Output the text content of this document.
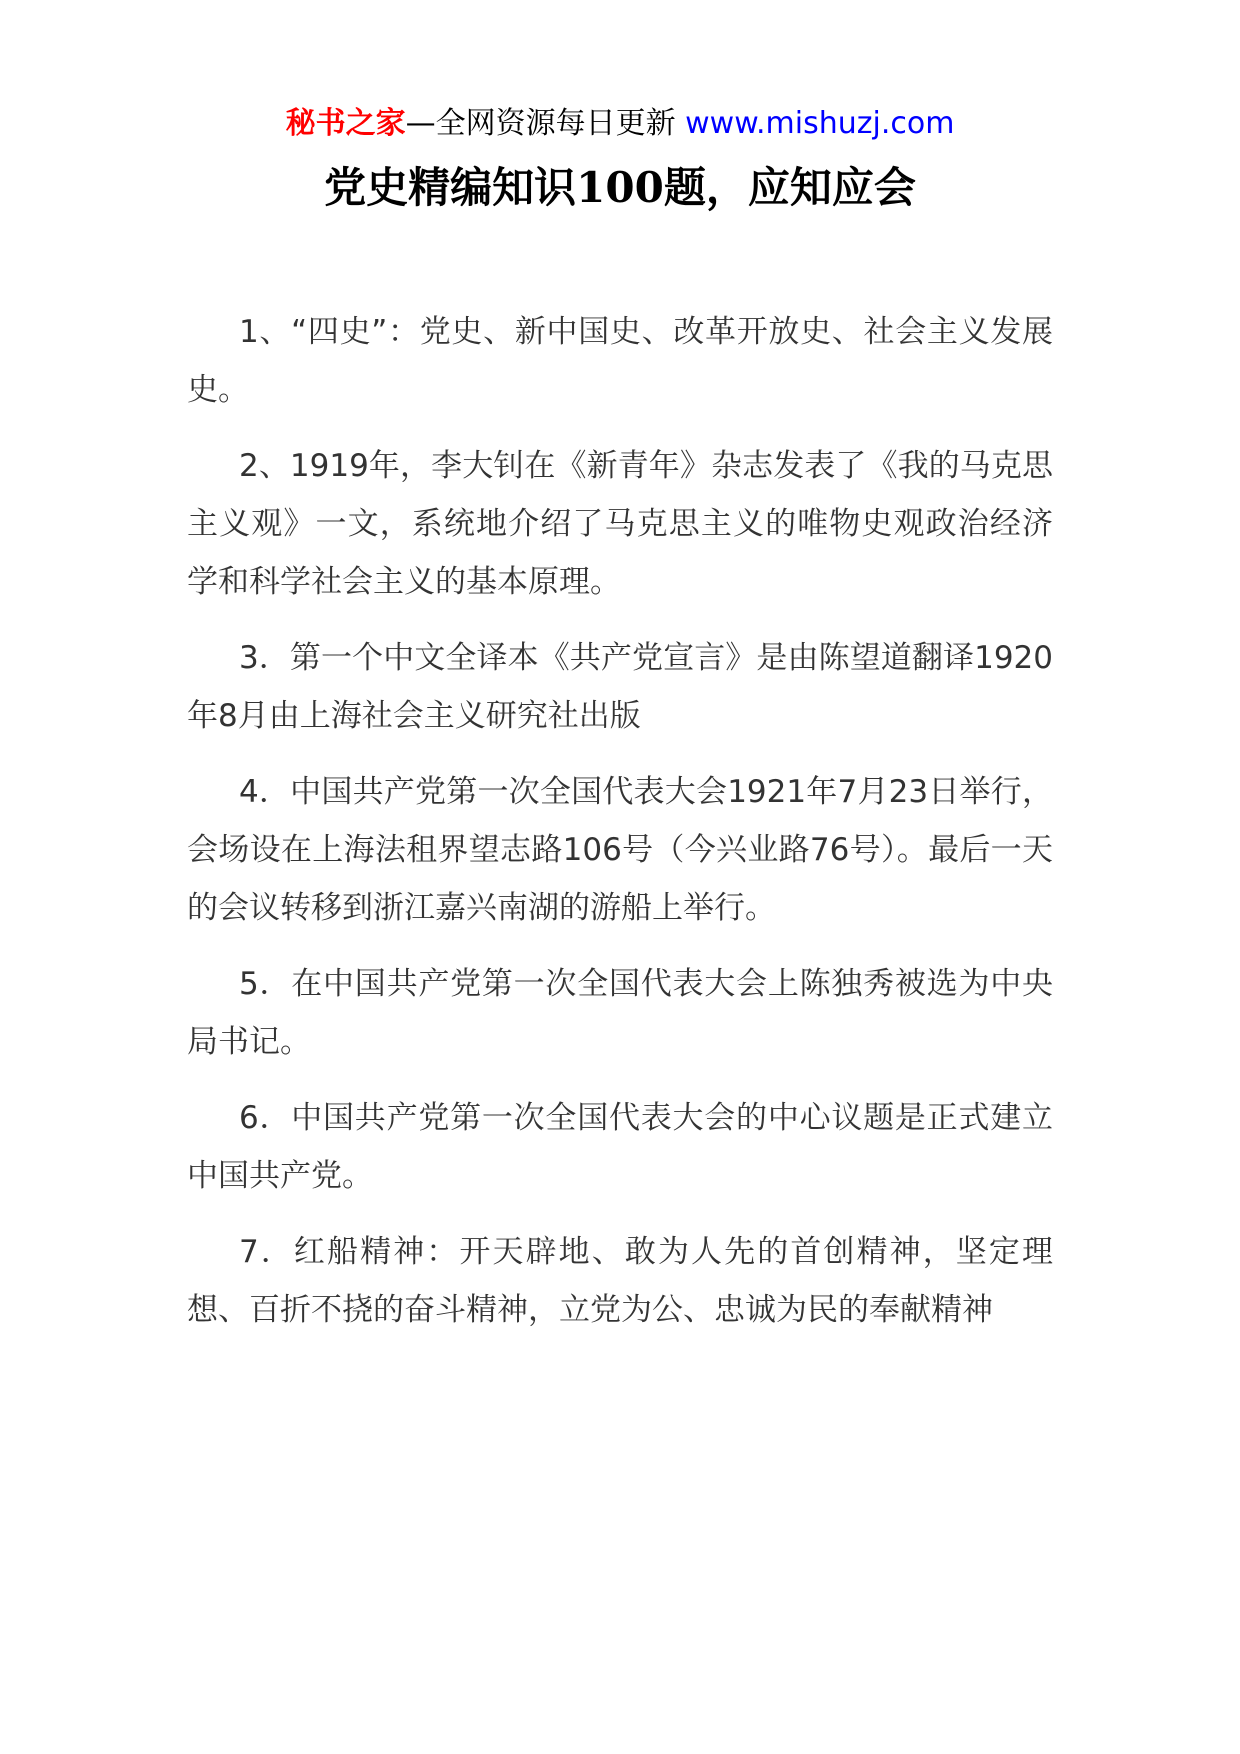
秘书之家—全网资源每日更新 www.mishuzj.com
党史精编知识100题，应知应会

1、“四史”：党史、新中国史、改革开放史、社会主义发展史。

2、1919年，李大钊在《新青年》杂志发表了《我的马克思主义观》一文，系统地介绍了马克思主义的唯物史观政治经济学和科学社会主义的基本原理。

3．第一个中文全译本《共产党宣言》是由陈望道翻译1920年8月由上海社会主义研究社出版

4．中国共产党第一次全国代表大会1921年7月23日举行，会场设在上海法租界望志路106号（今兴业路76号）。最后一天的会议转移到浙江嘉兴南湖的游船上举行。

5．在中国共产党第一次全国代表大会上陈独秀被选为中央局书记。

6．中国共产党第一次全国代表大会的中心议题是正式建立中国共产党。

7．红船精神：开天辟地、敢为人先的首创精神，坚定理想、百折不挠的奋斗精神，立党为公、忠诚为民的奉献精神
